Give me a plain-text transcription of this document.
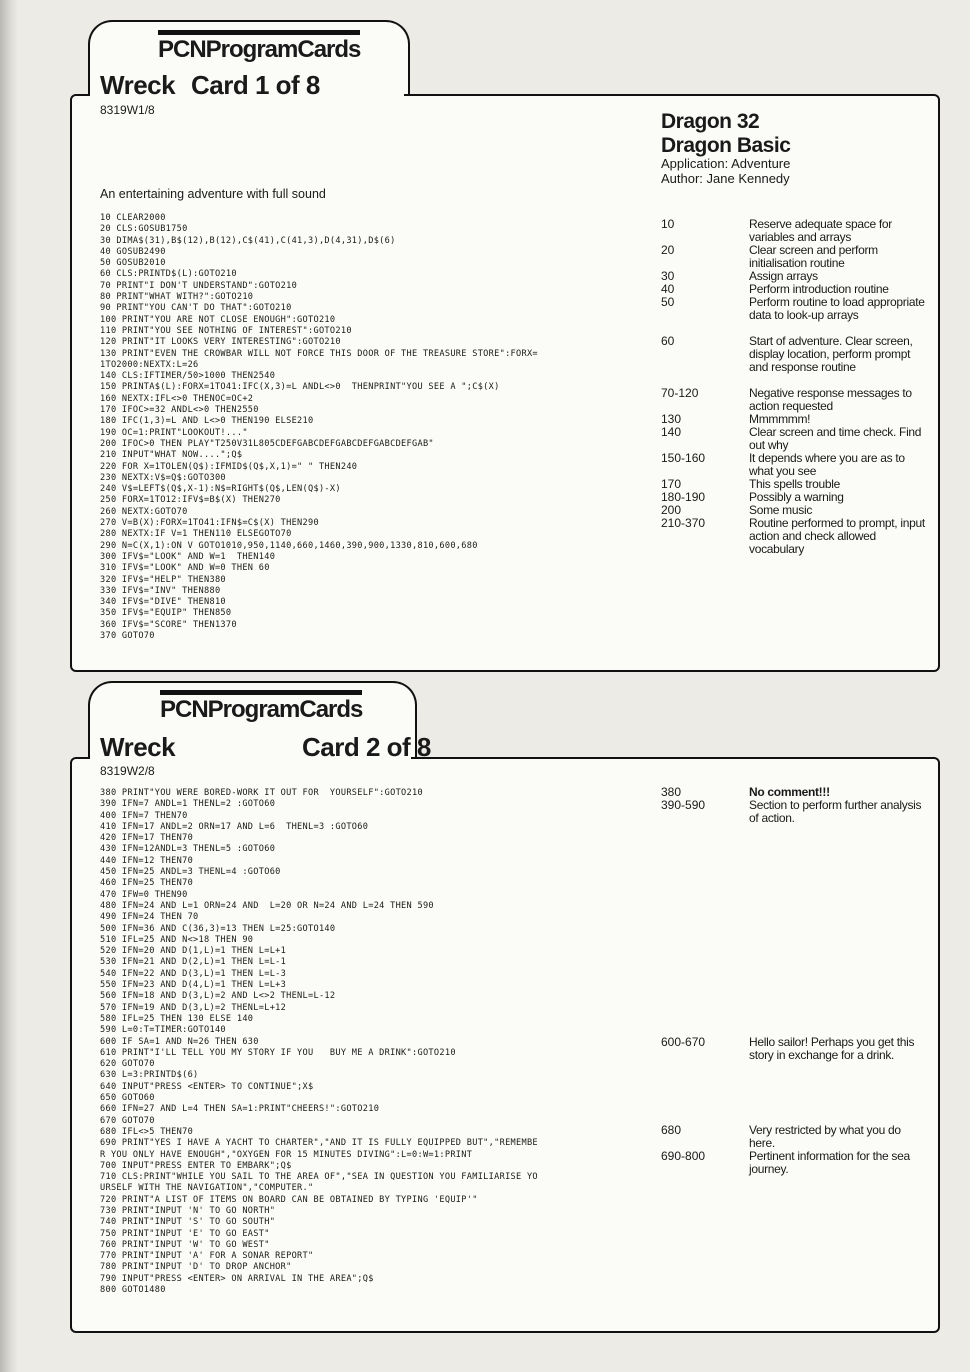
PCNProgramCards
Wreck Card 1 of 8
8319W1/8	Dragon 32
Dragon Basic
Application: Adventure
Author: Jane Kennedy
An entertaining adventure with full sound
10 CLEAR2000
20 CLS:GOSUB1750
30 DIMA$(31),B$(12),B(12),C$(41),C(41,3),D(4,31),D$(6)
40 GOSUB2490
50 GOSUB2010
60 CLS:PRINTD$(L):GOTO210
70 PRINT"I DON'T UNDERSTAND":GOTO210
80 PRINT"WHAT WITH?":GOTO210
90 PRINT"YOU CAN'T DO THAT":GOTO210
100 PRINT"YOU ARE NOT CLOSE ENOUGH":GOTO210
110 PRINT"YOU SEE NOTHING OF INTEREST":GOTO210
120 PRINT"IT LOOKS VERY INTERESTING":GOTO210
130 PRINT"EVEN THE CROWBAR WILL NOT FORCE THIS DOOR OF THE TREASURE STORE":FORX=
1TO2000:NEXTX:L=26
140 CLS:IFTIMER/50>1000 THEN2540
150 PRINTA$(L):FORX=1TO41:IFC(X,3)=L ANDL<>0  THENPRINT"YOU SEE A ";C$(X)
160 NEXTX:IFL<>0 THENOC=OC+2
170 IFOC>=32 ANDL<>0 THEN2550
180 IFC(1,3)=L AND L<>0 THEN190 ELSE210
190 OC=1:PRINT"LOOKOUT!..."
200 IFOC>0 THEN PLAY"T250V31L805CDEFGABCDEFGABCDEFGABCDEFGAB"
210 INPUT"WHAT NOW....";Q$
220 FOR X=1TOLEN(Q$):IFMID$(Q$,X,1)=" " THEN240
230 NEXTX:V$=Q$:GOTO300
240 V$=LEFT$(Q$,X-1):N$=RIGHT$(Q$,LEN(Q$)-X)
250 FORX=1TO12:IFV$=B$(X) THEN270
260 NEXTX:GOTO70
270 V=B(X):FORX=1TO41:IFN$=C$(X) THEN290
280 NEXTX:IF V=1 THEN110 ELSEGOTO70
290 N=C(X,1):ON V GOTO1010,950,1140,660,1460,390,900,1330,810,600,680
300 IFV$="LOOK" AND W=1  THEN140
310 IFV$="LOOK" AND W=0 THEN 60
320 IFV$="HELP" THEN380
330 IFV$="INV" THEN880
340 IFV$="DIVE" THEN810
350 IFV$="EQUIP" THEN850
360 IFV$="SCORE" THEN1370
370 GOTO70
10	Reserve adequate space for variables and arrays
20	Clear screen and perform initialisation routine
30	Assign arrays
40	Perform introduction routine
50	Perform routine to load appropriate data to look-up arrays
60	Start of adventure. Clear screen, display location, perform prompt and response routine
70-120	Negative response messages to action requested
130	Mmmmmm!
140	Clear screen and time check. Find out why
150-160	It depends where you are as to what you see
170	This spells trouble
180-190	Possibly a warning
200	Some music
210-370	Routine performed to prompt, input action and check allowed vocabulary
PCNProgramCards
Wreck	Card 2 of 8
8319W2/8
380 PRINT"YOU WERE BORED-WORK IT OUT FOR  YOURSELF":GOTO210
390 IFN=7 ANDL=1 THENL=2 :GOTO60
400 IFN=7 THEN70
410 IFN=17 ANDL=2 ORN=17 AND L=6  THENL=3 :GOTO60
420 IFN=17 THEN70
430 IFN=12ANDL=3 THENL=5 :GOTO60
440 IFN=12 THEN70
450 IFN=25 ANDL=3 THENL=4 :GOTO60
460 IFN=25 THEN70
470 IFW=0 THEN90
480 IFN=24 AND L=1 ORN=24 AND  L=20 OR N=24 AND L=24 THEN 590
490 IFN=24 THEN 70
500 IFN=36 AND C(36,3)=13 THEN L=25:GOTO140
510 IFL=25 AND N<>18 THEN 90
520 IFN=20 AND D(1,L)=1 THEN L=L+1
530 IFN=21 AND D(2,L)=1 THEN L=L-1
540 IFN=22 AND D(3,L)=1 THEN L=L-3
550 IFN=23 AND D(4,L)=1 THEN L=L+3
560 IFN=18 AND D(3,L)=2 AND L<>2 THENL=L-12
570 IFN=19 AND D(3,L)=2 THENL=L+12
580 IFL=25 THEN 130 ELSE 140
590 L=0:T=TIMER:GOTO140
600 IF SA=1 AND N=26 THEN 630
610 PRINT"I'LL TELL YOU MY STORY IF YOU   BUY ME A DRINK":GOTO210
620 GOTO70
630 L=3:PRINTD$(6)
640 INPUT"PRESS <ENTER> TO CONTINUE";X$
650 GOTO60
660 IFN=27 AND L=4 THEN SA=1:PRINT"CHEERS!":GOTO210
670 GOTO70
680 IFL<>5 THEN70
690 PRINT"YES I HAVE A YACHT TO CHARTER","AND IT IS FULLY EQUIPPED BUT","REMEMBE
R YOU ONLY HAVE ENOUGH","OXYGEN FOR 15 MINUTES DIVING":L=0:W=1:PRINT
700 INPUT"PRESS ENTER TO EMBARK";Q$
710 CLS:PRINT"WHILE YOU SAIL TO THE AREA OF","SEA IN QUESTION YOU FAMILIARISE YO
URSELF WITH THE NAVIGATION","COMPUTER."
720 PRINT"A LIST OF ITEMS ON BOARD CAN BE OBTAINED BY TYPING 'EQUIP'"
730 PRINT"INPUT 'N' TO GO NORTH"
740 PRINT"INPUT 'S' TO GO SOUTH"
750 PRINT"INPUT 'E' TO GO EAST"
760 PRINT"INPUT 'W' TO GO WEST"
770 PRINT"INPUT 'A' FOR A SONAR REPORT"
780 PRINT"INPUT 'D' TO DROP ANCHOR"
790 INPUT"PRESS <ENTER> ON ARRIVAL IN THE AREA";Q$
800 GOTO1480
380	No comment!!!
390-590	Section to perform further analysis of action.
600-670	Hello sailor! Perhaps you get this story in exchange for a drink.
680	Very restricted by what you do here.
690-800	Pertinent information for the sea journey.
